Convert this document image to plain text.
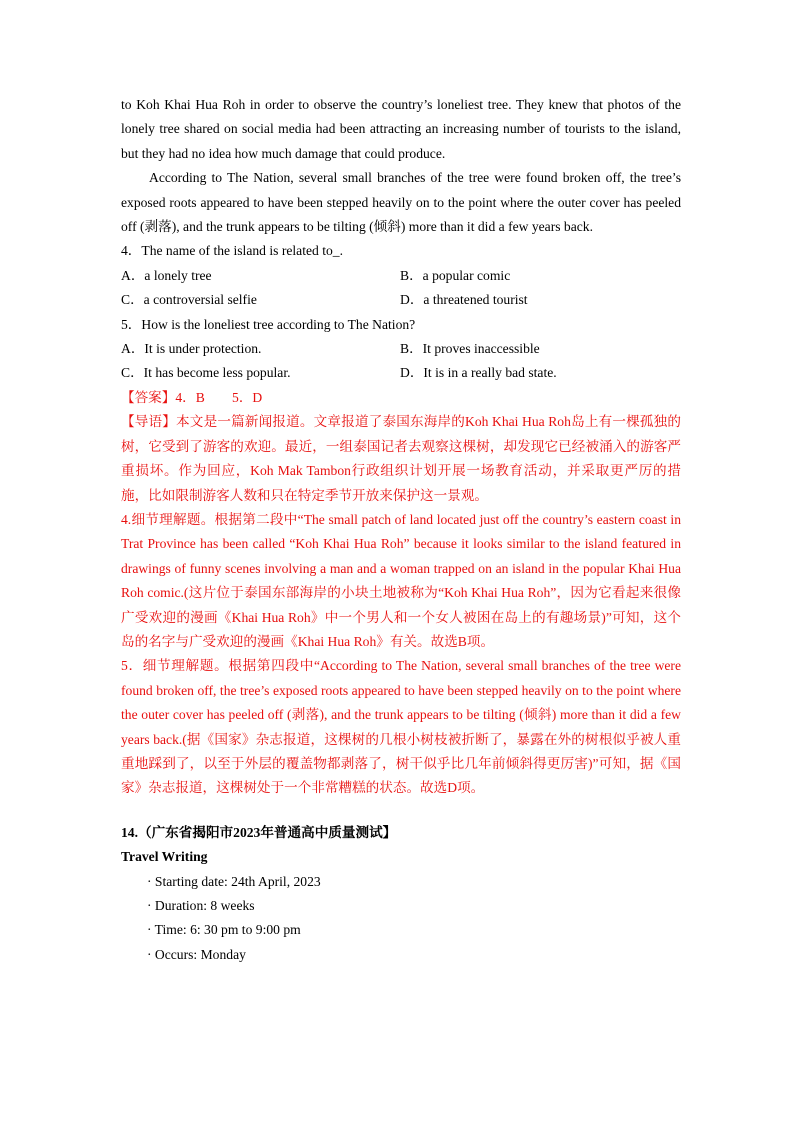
to Koh Khai Hua Roh in order to observe the country’s loneliest tree. They knew that photos of the lonely tree shared on social media had been attracting an increasing number of tourists to the island, but they had no idea how much damage that could produce.

According to The Nation, several small branches of the tree were found broken off, the tree’s exposed roots appeared to have been stepped heavily on to the point where the outer cover has peeled off (剥落), and the trunk appears to be tilting (倾斜) more than it did a few years back.

4．The name of the island is related to_.

A．a lonely tree	B．a popular comic
C．a controversial selfie	D．a threatened tourist

5．How is the loneliest tree according to The Nation?

A．It is under protection.	B．It proves inaccessible
C．It has become less popular.	D．It is in a really bad state.

【答案】4．B　　5．D

【导语】本文是一篇新闻报道。文章报道了泰国东海岸的Koh Khai Hua Roh岛上有一棵孤独的树，它受到了游客的欢迎。最近，一组泰国记者去观察这棵树，却发现它已经被涌入的游客严重损坏。作为回应，Koh Mak Tambon行政组织计划开展一场教育活动，并采取更严厉的措施，比如限制游客人数和只在特定季节开放来保护这一景观。

4.细节理解题。根据第二段中“The small patch of land located just off the country’s eastern coast in Trat Province has been called “Koh Khai Hua Roh” because it looks similar to the island featured in drawings of funny scenes involving a man and a woman trapped on an island in the popular Khai Hua Roh comic.(这片位于泰国东部海岸的小块土地被称为“Koh Khai Hua Roh”，因为它看起来很像广受欢迎的漫画《Khai Hua Roh》中一个男人和一个女人被困在岛上的有趣场景)”可知，这个岛的名字与广受欢迎的漫画《Khai Hua Roh》有关。故选B项。

5．细节理解题。根据第四段中“According to The Nation, several small branches of the tree were found broken off, the tree’s exposed roots appeared to have been stepped heavily on to the point where the outer cover has peeled off (剥落), and the trunk appears to be tilting (倾斜) more than it did a few years back.(据《国家》杂志报道，这棵树的几根小树枝被折断了，暴露在外的树根似乎被人重重地踩到了，以至于外层的覆盖物都剥落了，树干似乎比几年前倾斜得更厉害)”可知，据《国家》杂志报道，这棵树处于一个非常糟糕的状态。故选D项。

14.（广东省揭阳市2023年普通高中质量测试】

Travel Writing

· Starting date: 24th April, 2023

· Duration: 8 weeks

· Time: 6: 30 pm to 9:00 pm

· Occurs: Monday
